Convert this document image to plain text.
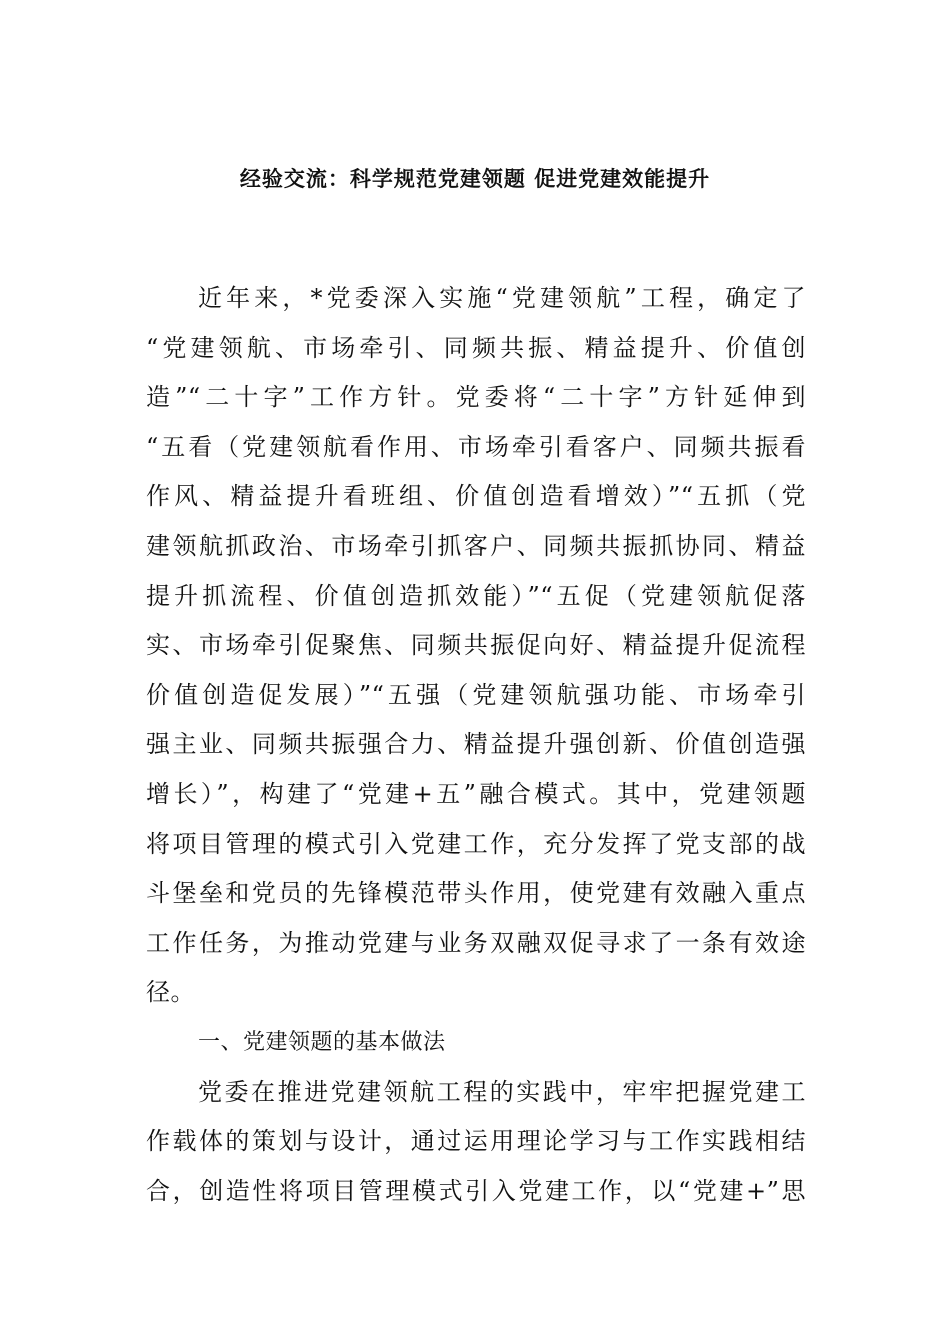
经验交流：科学规范党建领题 促进党建效能提升
近年来，*党委深入实施“党建领航”工程，确定了
“党建领航、市场牵引、同频共振、精益提升、价值创
造”“二十字”工作方针。党委将“二十字”方针延伸到
“五看（党建领航看作用、市场牵引看客户、同频共振看
作风、精益提升看班组、价值创造看增效）”“五抓（党
建领航抓政治、市场牵引抓客户、同频共振抓协同、精益
提升抓流程、价值创造抓效能）”“五促（党建领航促落
实、市场牵引促聚焦、同频共振促向好、精益提升促流程
价值创造促发展）”“五强（党建领航强功能、市场牵引
强主业、同频共振强合力、精益提升强创新、价值创造强
增长）”，构建了“党建+五”融合模式。其中，党建领题
将项目管理的模式引入党建工作，充分发挥了党支部的战
斗堡垒和党员的先锋模范带头作用，使党建有效融入重点
工作任务，为推动党建与业务双融双促寻求了一条有效途
径。
一、党建领题的基本做法
党委在推进党建领航工程的实践中，牢牢把握党建工
作载体的策划与设计，通过运用理论学习与工作实践相结
合，创造性将项目管理模式引入党建工作，以“党建+”思
